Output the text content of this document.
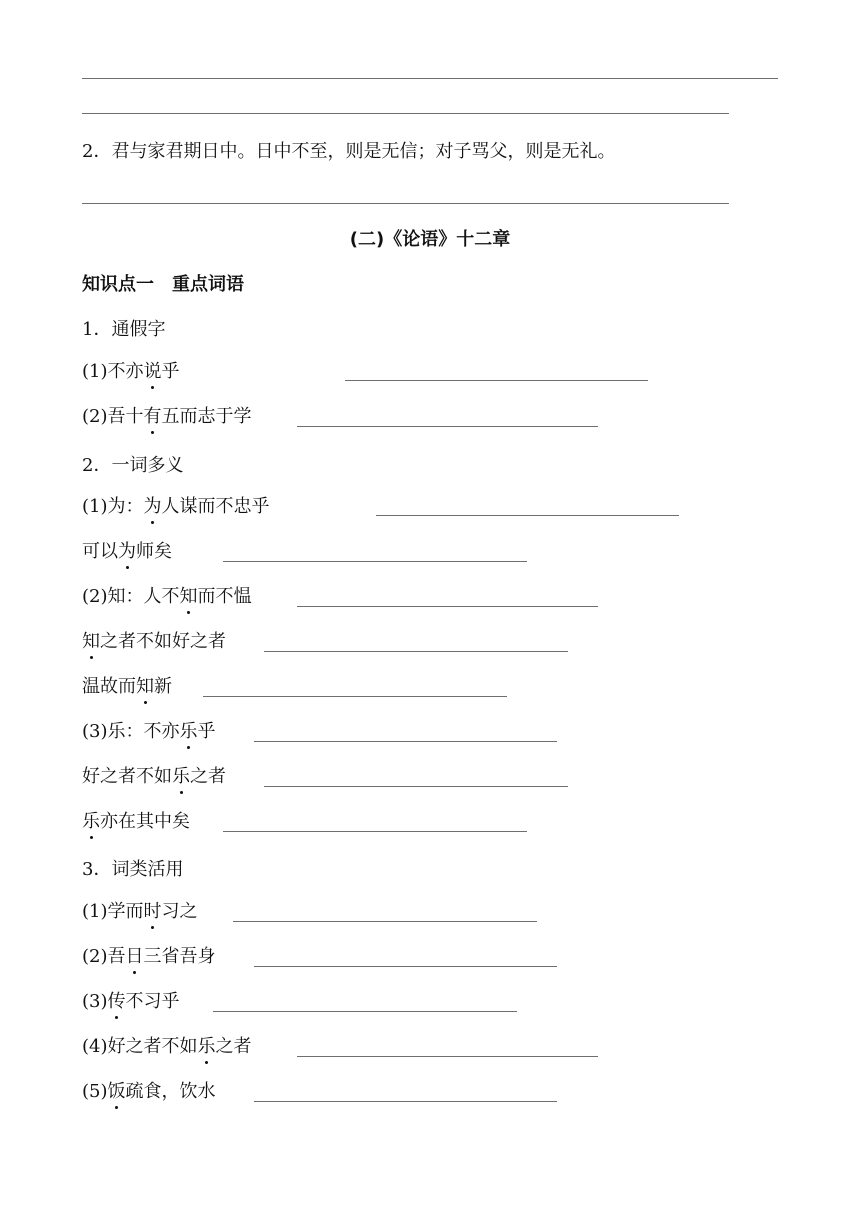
2．君与家君期日中。日中不至，则是无信；对子骂父，则是无礼。
(二)《论语》十二章
知识点一　重点词语
1．通假字
(1)不亦说乎
(2)吾十有五而志于学
2．一词多义
(1)为：为人谋而不忠乎
可以为师矣
(2)知：人不知而不愠
知之者不如好之者
温故而知新
(3)乐：不亦乐乎
好之者不如乐之者
乐亦在其中矣
3．词类活用
(1)学而时习之
(2)吾日三省吾身
(3)传不习乎
(4)好之者不如乐之者
(5)饭疏食，饮水
